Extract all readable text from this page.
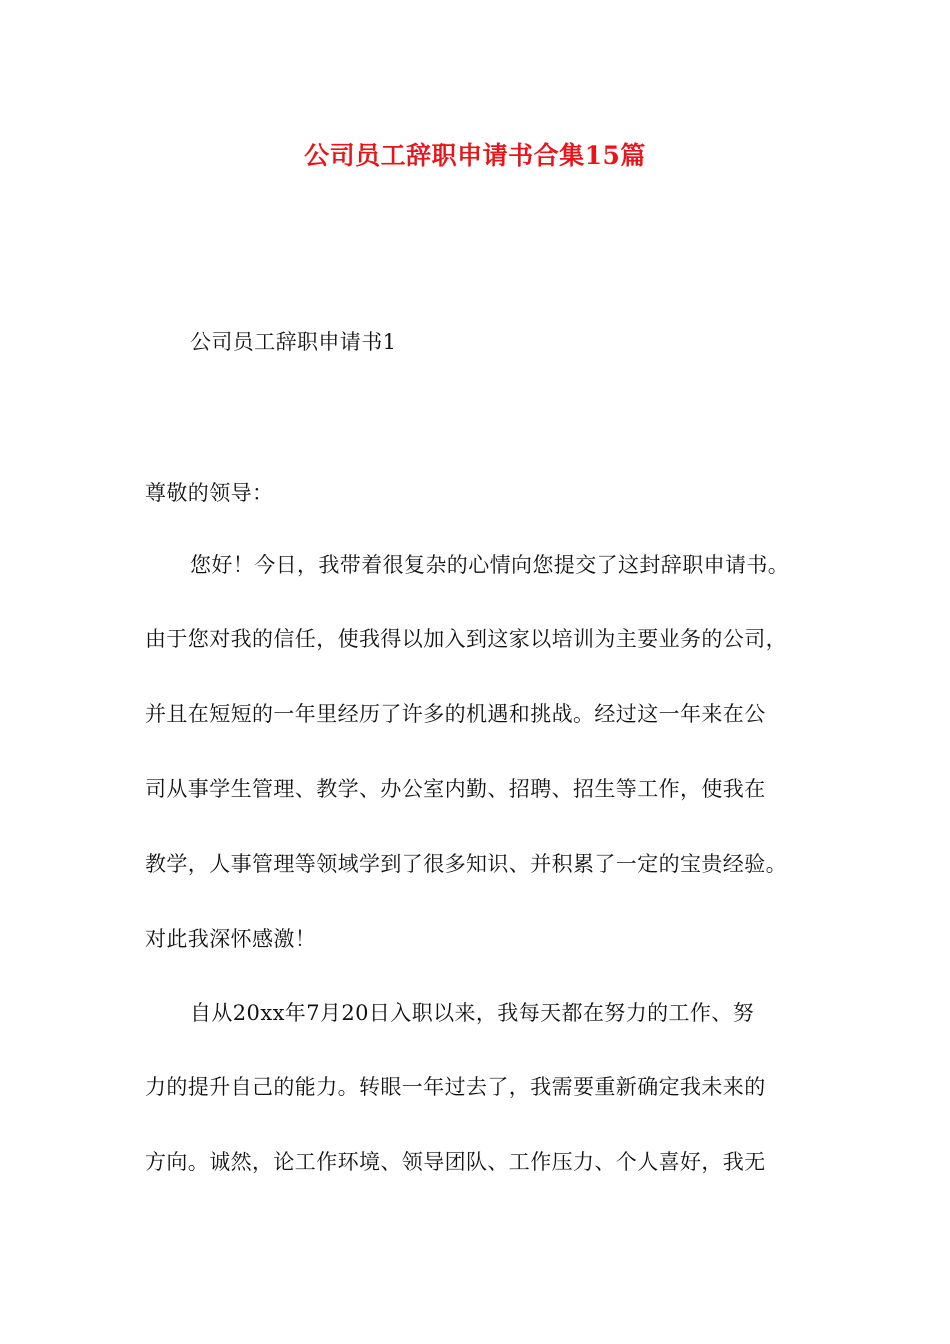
公司员工辞职申请书合集15篇

公司员工辞职申请书1

尊敬的领导：

您好！今日，我带着很复杂的心情向您提交了这封辞职申请书。

由于您对我的信任，使我得以加入到这家以培训为主要业务的公司，

并且在短短的一年里经历了许多的机遇和挑战。经过这一年来在公

司从事学生管理、教学、办公室内勤、招聘、招生等工作，使我在

教学，人事管理等领域学到了很多知识、并积累了一定的宝贵经验。

对此我深怀感激！

自从20xx年7月20日入职以来，我每天都在努力的工作、努

力的提升自己的能力。转眼一年过去了，我需要重新确定我未来的

方向。诚然，论工作环境、领导团队、工作压力、个人喜好，我无
